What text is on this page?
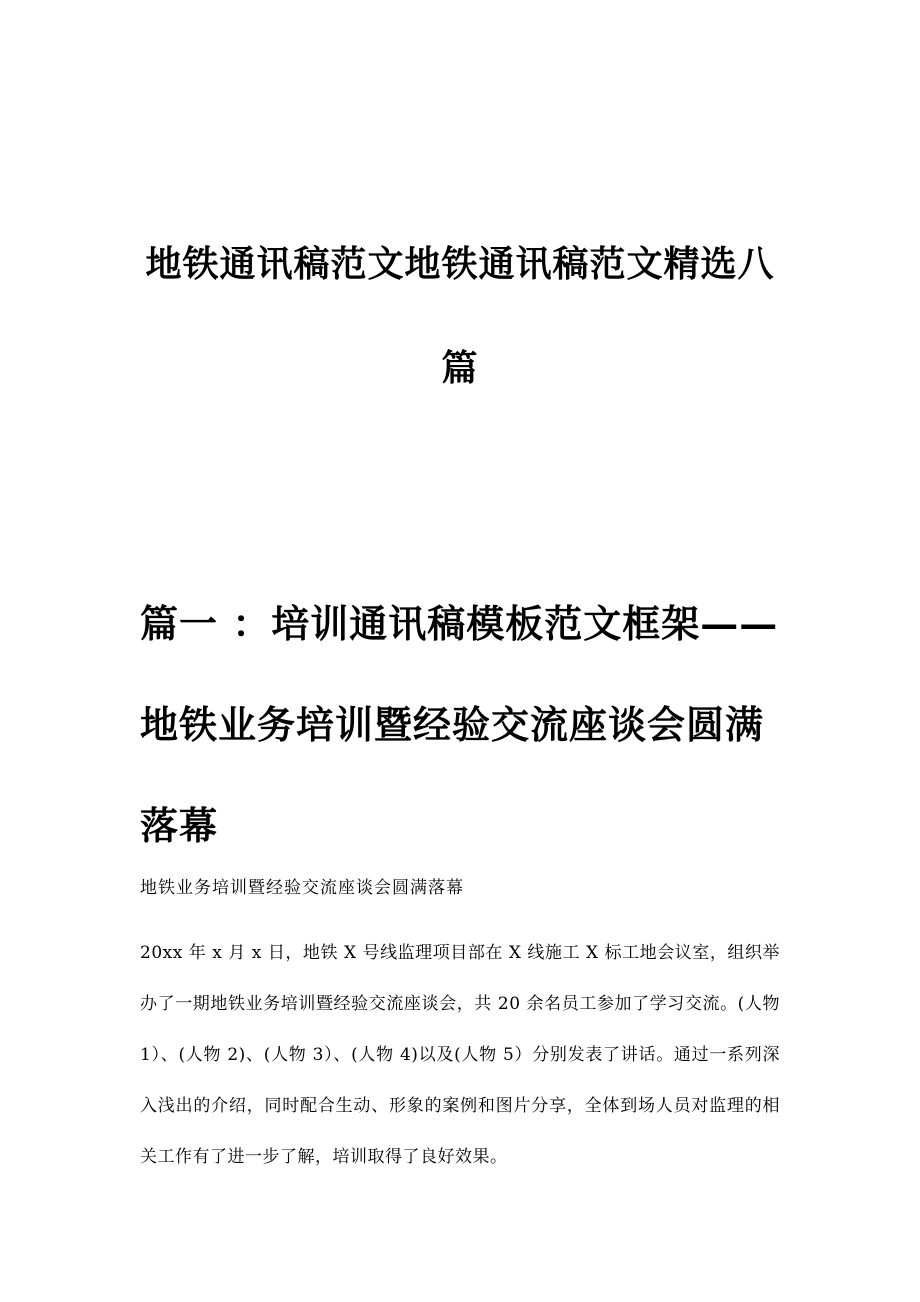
地铁通讯稿范文地铁通讯稿范文精选八篇
篇一 ：培训通讯稿模板范文框架——地铁业务培训暨经验交流座谈会圆满落幕

地铁业务培训暨经验交流座谈会圆满落幕

20xx 年 x 月 x 日，地铁 X 号线监理项目部在 X 线施工 X 标工地会议室，组织举办了一期地铁业务培训暨经验交流座谈会，共 20 余名员工参加了学习交流。(人物 1）、(人物 2)、(人物 3）、(人物 4)以及(人物 5）分别发表了讲话。通过一系列深入浅出的介绍，同时配合生动、形象的案例和图片分享，全体到场人员对监理的相关工作有了进一步了解，培训取得了良好效果。
